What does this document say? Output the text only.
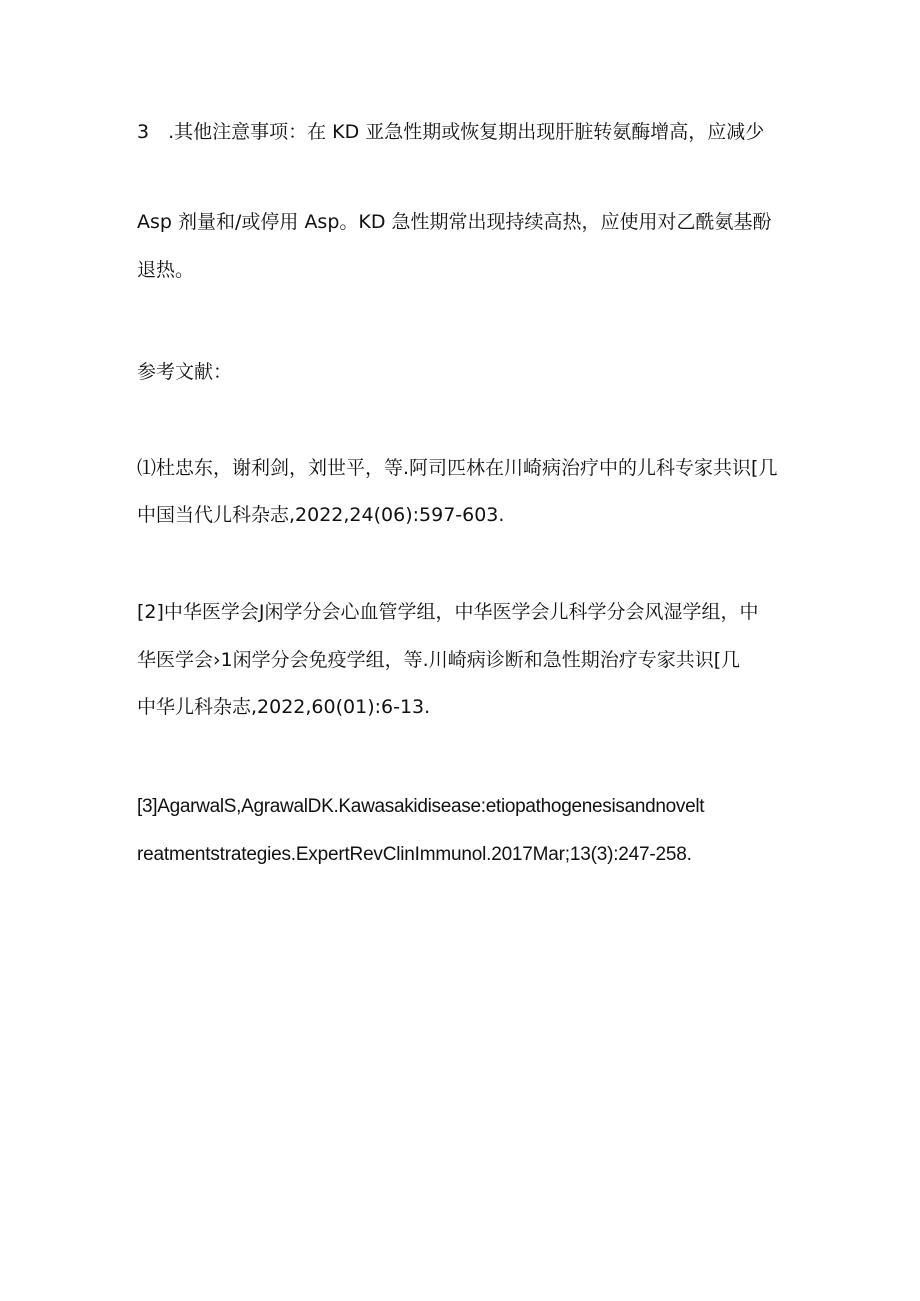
3　.其他注意事项：在 KD 亚急性期或恢复期出现肝脏转氨酶增高，应减少
Asp 剂量和/或停用 Asp。KD 急性期常出现持续高热，应使用对乙酰氨基酚
退热。
参考文献：
⑴杜忠东，谢利剑，刘世平，等.阿司匹林在川崎病治疗中的儿科专家共识[几
中国当代儿科杂志,2022,24(06):597-603.
[2]中华医学会J闲学分会心血管学组，中华医学会儿科学分会风湿学组，中
华医学会›1闲学分会免疫学组，等.川崎病诊断和急性期治疗专家共识[几
中华儿科杂志,2022,60(01):6-13.
[3]AgarwalS,AgrawalDK.Kawasakidisease:etiopathogenesisandnovelt
reatmentstrategies.ExpertRevClinImmunol.2017Mar;13(3):247-258.
